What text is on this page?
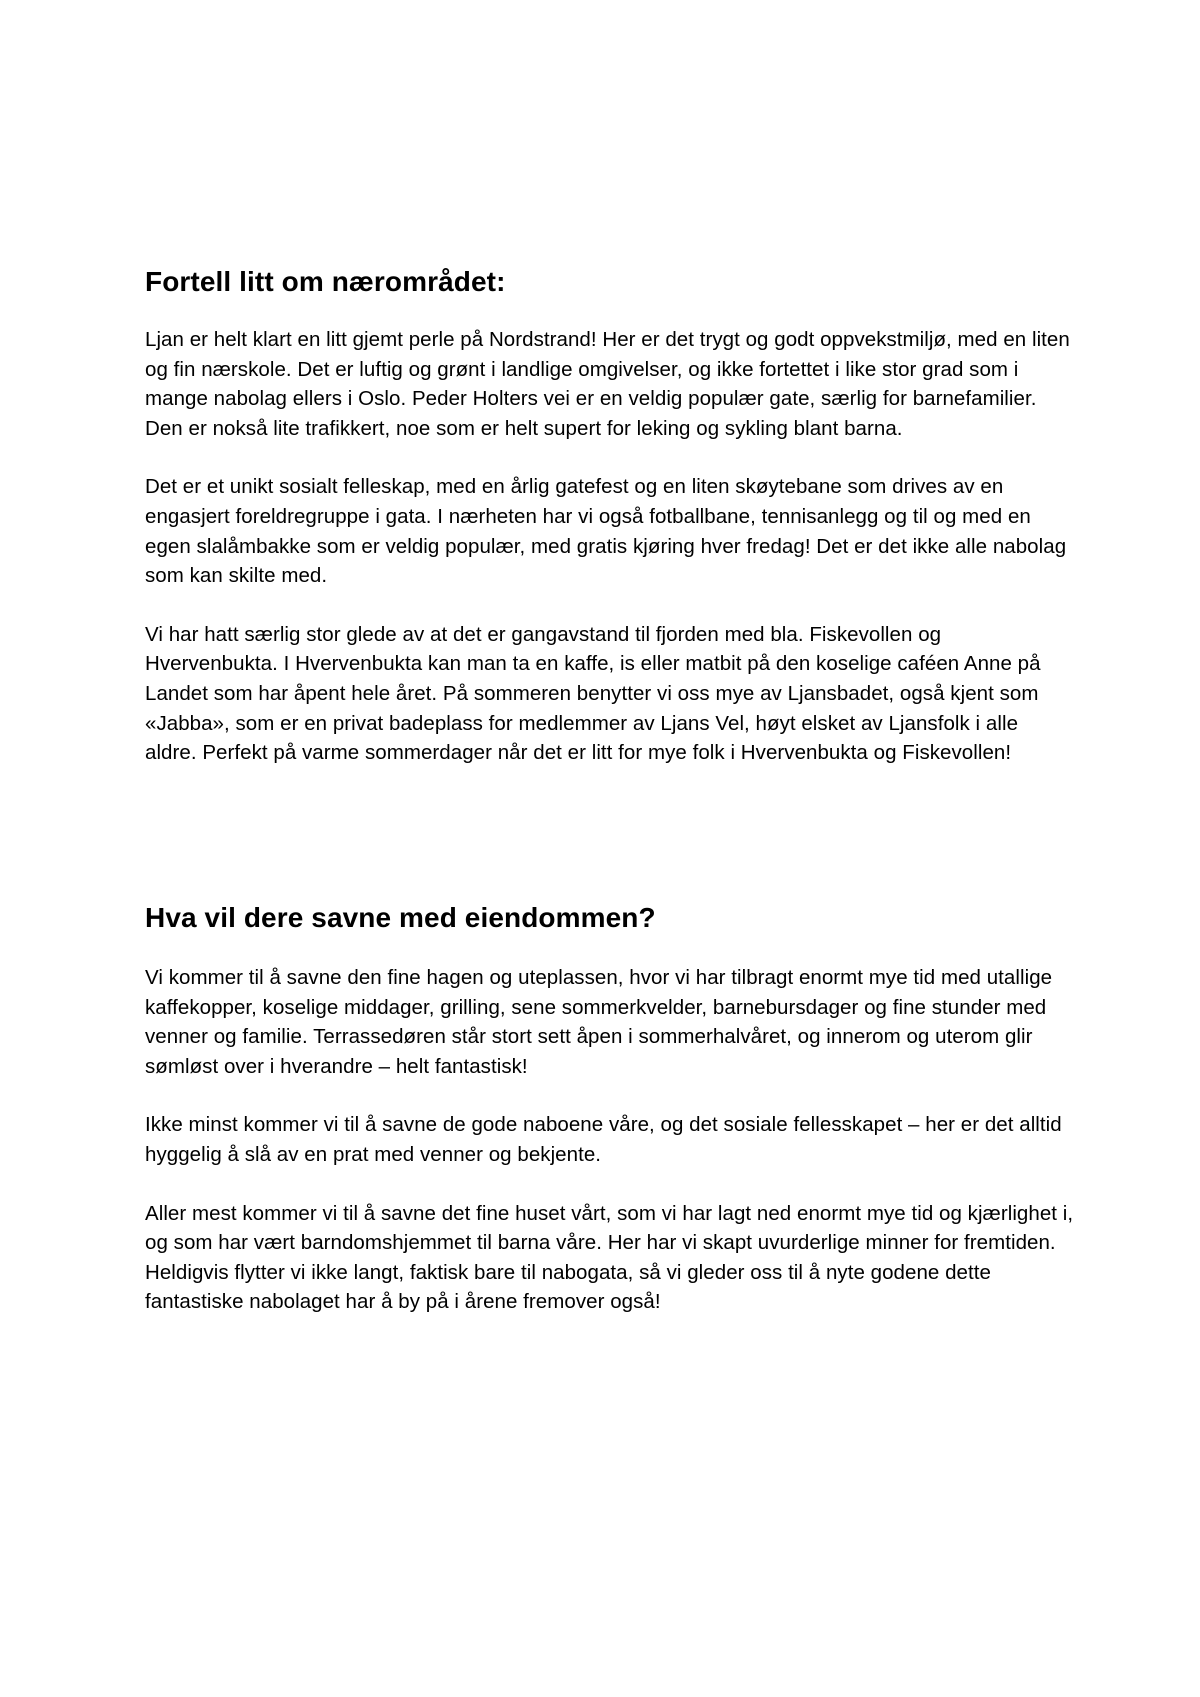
Fortell litt om nærområdet:

Ljan er helt klart en litt gjemt perle på Nordstrand! Her er det trygt og godt oppvekstmiljø, med en liten og fin nærskole. Det er luftig og grønt i landlige omgivelser, og ikke fortettet i like stor grad som i mange nabolag ellers i Oslo. Peder Holters vei er en veldig populær gate, særlig for barnefamilier. Den er nokså lite trafikkert, noe som er helt supert for leking og sykling blant barna.

Det er et unikt sosialt felleskap, med en årlig gatefest og en liten skøytebane som drives av en engasjert foreldregruppe i gata. I nærheten har vi også fotballbane, tennisanlegg og til og med en egen slalåmbakke som er veldig populær, med gratis kjøring hver fredag! Det er det ikke alle nabolag som kan skilte med.

Vi har hatt særlig stor glede av at det er gangavstand til fjorden med bla. Fiskevollen og Hvervenbukta. I Hvervenbukta kan man ta en kaffe, is eller matbit på den koselige caféen Anne på Landet som har åpent hele året. På sommeren benytter vi oss mye av Ljansbadet, også kjent som «Jabba», som er en privat badeplass for medlemmer av Ljans Vel, høyt elsket av Ljansfolk i alle aldre. Perfekt på varme sommerdager når det er litt for mye folk i Hvervenbukta og Fiskevollen!

Hva vil dere savne med eiendommen?

Vi kommer til å savne den fine hagen og uteplassen, hvor vi har tilbragt enormt mye tid med utallige kaffekopper, koselige middager, grilling, sene sommerkvelder, barnebursdager og fine stunder med venner og familie. Terrassedøren står stort sett åpen i sommerhalvåret, og innerom og uterom glir sømløst over i hverandre – helt fantastisk!

Ikke minst kommer vi til å savne de gode naboene våre, og det sosiale fellesskapet – her er det alltid hyggelig å slå av en prat med venner og bekjente.

Aller mest kommer vi til å savne det fine huset vårt, som vi har lagt ned enormt mye tid og kjærlighet i, og som har vært barndomshjemmet til barna våre. Her har vi skapt uvurderlige minner for fremtiden. Heldigvis flytter vi ikke langt, faktisk bare til nabogata, så vi gleder oss til å nyte godene dette fantastiske nabolaget har å by på i årene fremover også!
